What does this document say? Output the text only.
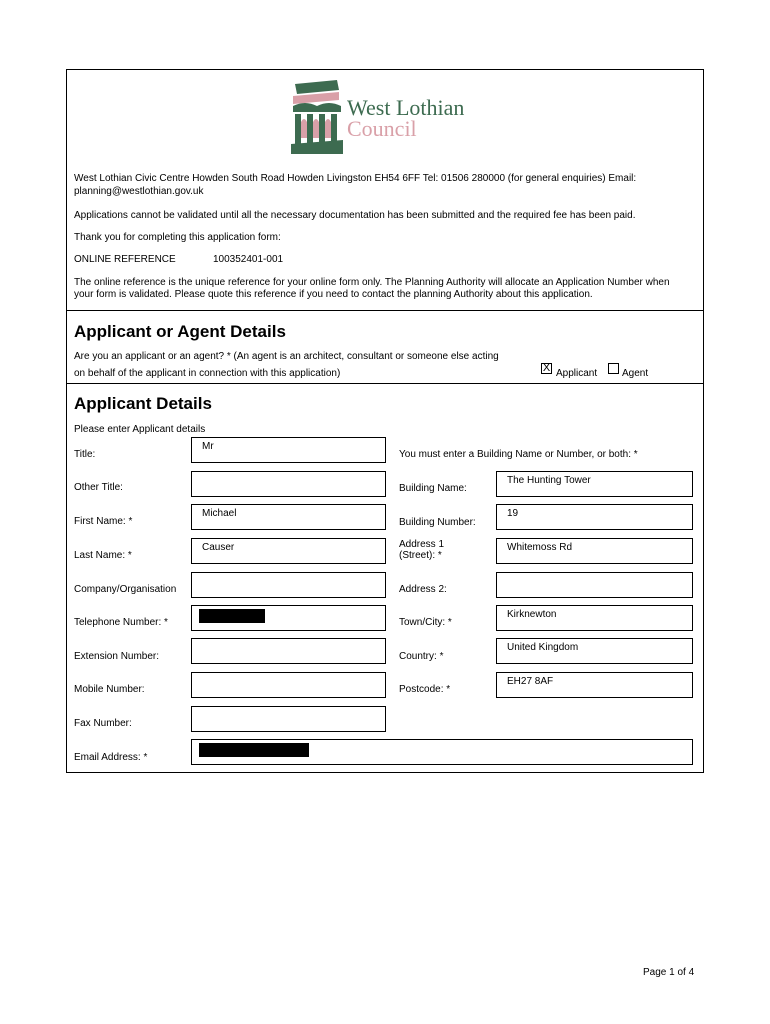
West Lothian
Council
West Lothian Civic Centre Howden South Road Howden Livingston EH54 6FF Tel: 01506 280000 (for general enquiries) Email:
planning@westlothian.gov.uk
Applications cannot be validated until all the necessary documentation has been submitted and the required fee has been paid.
Thank you for completing this application form:
ONLINE REFERENCE	100352401-001
The online reference is the unique reference for your online form only. The Planning Authority will allocate an Application Number when
your form is validated. Please quote this reference if you need to contact the planning Authority about this application.
Applicant or Agent Details
Are you an applicant or an agent? * (An agent is an architect, consultant or someone else acting
on behalf of the applicant in connection with this application)	X Applicant Agent
Applicant Details
Please enter Applicant details
You must enter a Building Name or Number, or both: *
Title:
Mr
Other Title:
First Name: *
Michael
Last Name: *
Causer
Company/Organisation
Telephone Number: *
Extension Number:
Mobile Number:
Fax Number:
Email Address: *
Building Name:
The Hunting Tower
Building Number:
19
Address 1
(Street): *
Whitemoss Rd
Address 2:
Town/City: *
Kirknewton
Country: *
United Kingdom
Postcode: *
EH27 8AF
Page 1 of 4
